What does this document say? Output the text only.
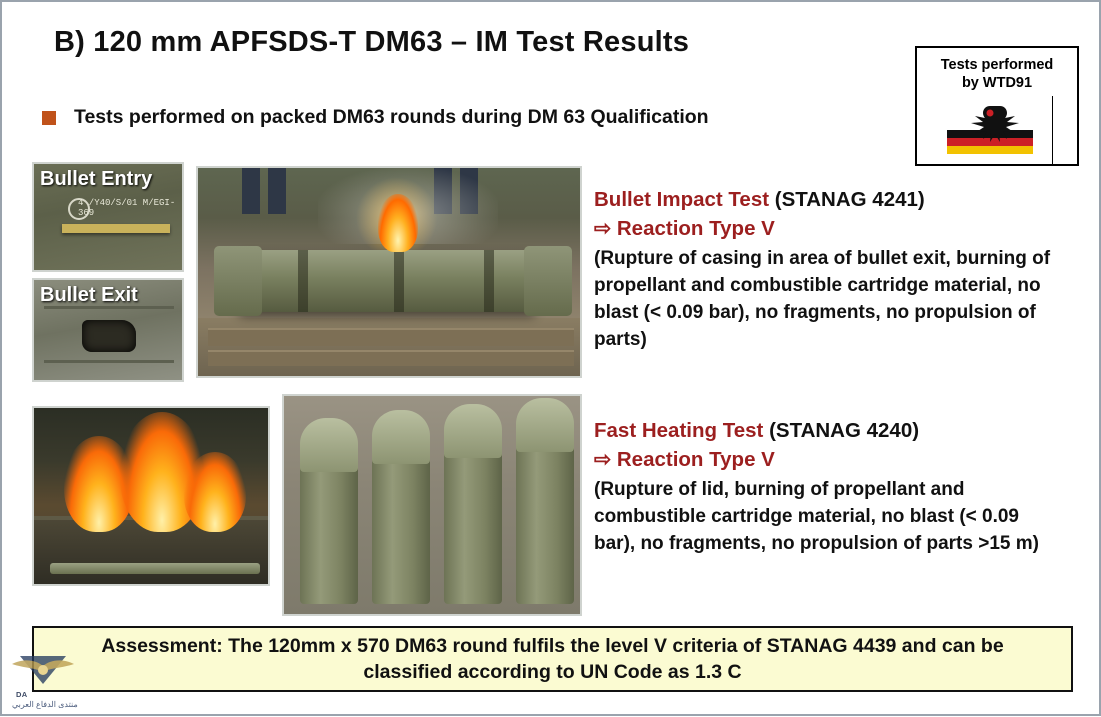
B) 120 mm APFSDS-T DM63 – IM Test Results
Tests performed
by WTD91
Tests performed on packed DM63 rounds during DM 63 Qualification
4 /Y40/S/01 M/EGI-369
Bullet Entry
Bullet Exit
Bullet Impact Test (STANAG 4241)
⇨ Reaction Type V
(Rupture of casing in area of bullet exit, burning of propellant and combustible cartridge material, no blast (< 0.09 bar), no fragments, no propulsion of parts)
Fast Heating Test (STANAG 4240)
⇨ Reaction Type V
(Rupture of lid, burning of propellant and combustible cartridge material, no blast (< 0.09 bar), no fragments, no propulsion of parts >15 m)
Assessment: The 120mm x 570 DM63 round fulfils the level V criteria of STANAG 4439 and can be classified according to UN Code as 1.3 C
DA
منتدى الدفاع العربي
